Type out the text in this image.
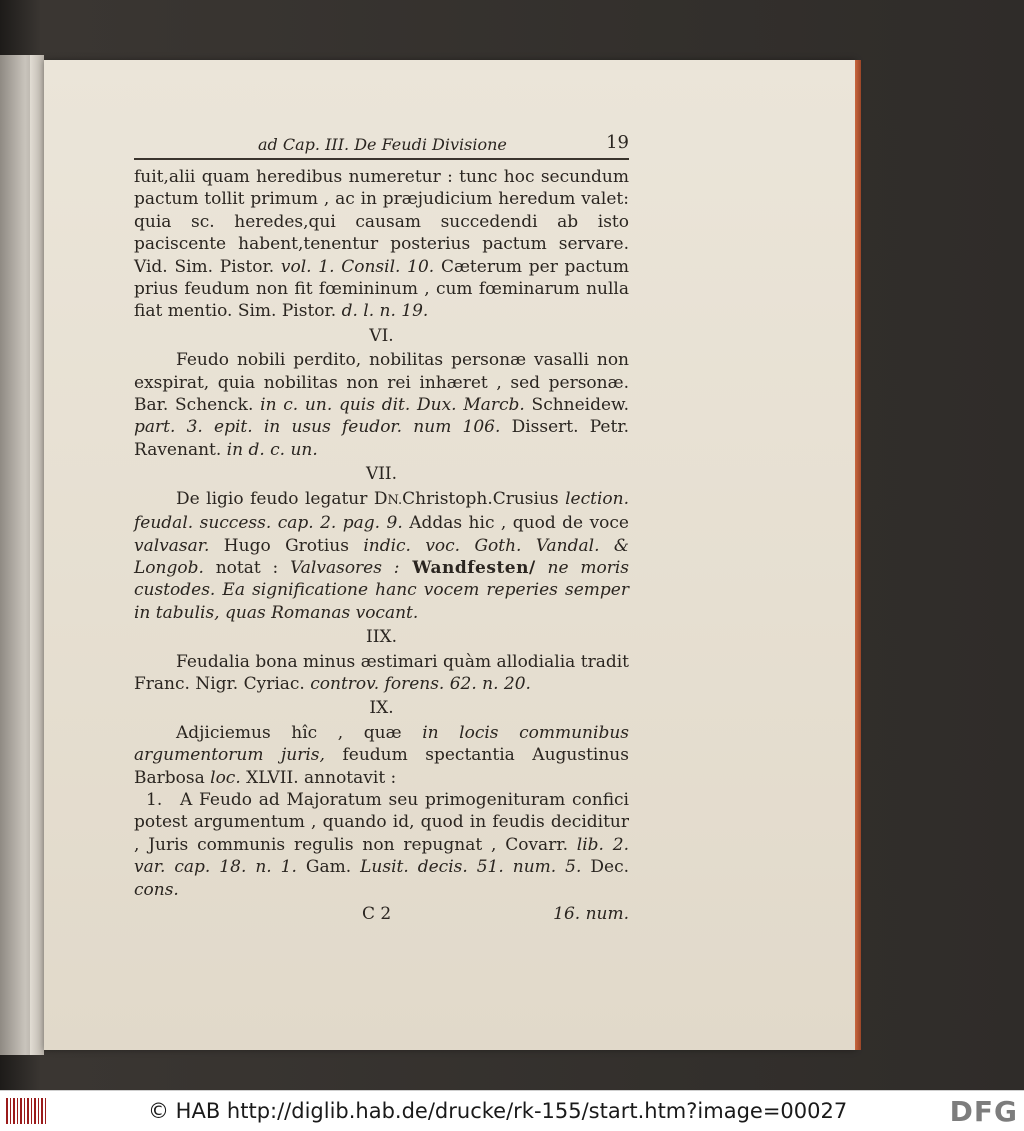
ad Cap. III. De Feudi Divisione	19

fuit,alii quam heredibus numeretur : tunc hoc secundum pactum tollit primum , ac in præjudicium heredum valet: quia sc. heredes,qui causam succedendi ab isto paciscente habent,tenentur posterius pactum servare. Vid. Sim. Pistor. vol. 1. Consil. 10. Cæterum per pactum prius feudum non fit fœmininum , cum fœminarum nulla fiat mentio. Sim. Pistor. d. l. n. 19.

VI.

Feudo nobili perdito, nobilitas personæ vasalli non exspirat, quia nobilitas non rei inhæret , sed personæ. Bar. Schenck. in c. un. quis dit. Dux. Marcb. Schneidew. part. 3. epit. in usus feudor. num 106. Dissert. Petr. Ravenant. in d. c. un.

VII.

De ligio feudo legatur DN.Christoph.Crusius lection. feudal. success. cap. 2. pag. 9. Addas hic , quod de voce valvasar. Hugo Grotius indic. voc. Goth. Vandal. & Longob. notat : Valvasores : Wandfesten/ ne moris custodes. Ea significatione hanc vocem reperies semper in tabulis, quas Romanas vocant.

IIX.

Feudalia bona minus æstimari quàm allodialia tradit Franc. Nigr. Cyriac. controv. forens. 62. n. 20.

IX.

Adjiciemus hîc , quæ in locis communibus argumentorum juris, feudum spectantia Augustinus Barbosa loc. XLVII. annotavit :

1. A Feudo ad Majoratum seu primogenituram confici potest argumentum , quando id, quod in feudis deciditur , Juris communis regulis non repugnat , Covarr. lib. 2. var. cap. 18. n. 1. Gam. Lusit. decis. 51. num. 5. Dec. cons.

C 2	16. num.
© HAB http://diglib.hab.de/drucke/rk-155/start.htm?image=00027	DFG
